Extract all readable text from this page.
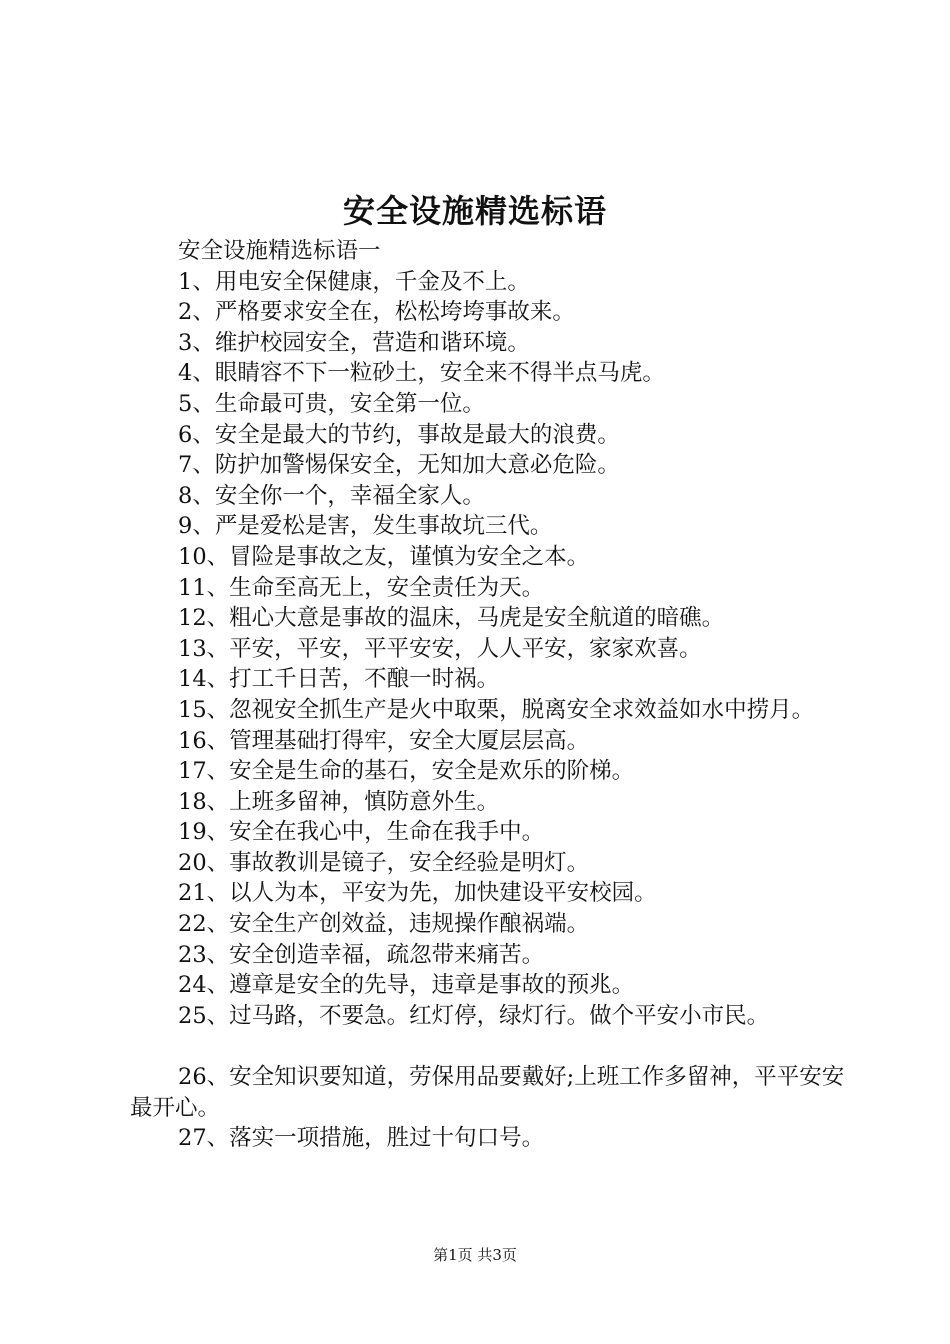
安全设施精选标语

安全设施精选标语一

1、用电安全保健康，千金及不上。

2、严格要求安全在，松松垮垮事故来。

3、维护校园安全，营造和谐环境。

4、眼睛容不下一粒砂土，安全来不得半点马虎。

5、生命最可贵，安全第一位。

6、安全是最大的节约，事故是最大的浪费。

7、防护加警惕保安全，无知加大意必危险。

8、安全你一个，幸福全家人。

9、严是爱松是害，发生事故坑三代。

10、冒险是事故之友，谨慎为安全之本。

11、生命至高无上，安全责任为天。

12、粗心大意是事故的温床，马虎是安全航道的暗礁。

13、平安，平安，平平安安，人人平安，家家欢喜。

14、打工千日苦，不酿一时祸。

15、忽视安全抓生产是火中取栗，脱离安全求效益如水中捞月。

16、管理基础打得牢，安全大厦层层高。

17、安全是生命的基石，安全是欢乐的阶梯。

18、上班多留神，慎防意外生。

19、安全在我心中，生命在我手中。

20、事故教训是镜子，安全经验是明灯。

21、以人为本，平安为先，加快建设平安校园。

22、安全生产创效益，违规操作酿祸端。

23、安全创造幸福，疏忽带来痛苦。

24、遵章是安全的先导，违章是事故的预兆。

25、过马路，不要急。红灯停，绿灯行。做个平安小市民。

26、安全知识要知道，劳保用品要戴好;上班工作多留神，平平安安最开心。

27、落实一项措施，胜过十句口号。

第1页 共3页
